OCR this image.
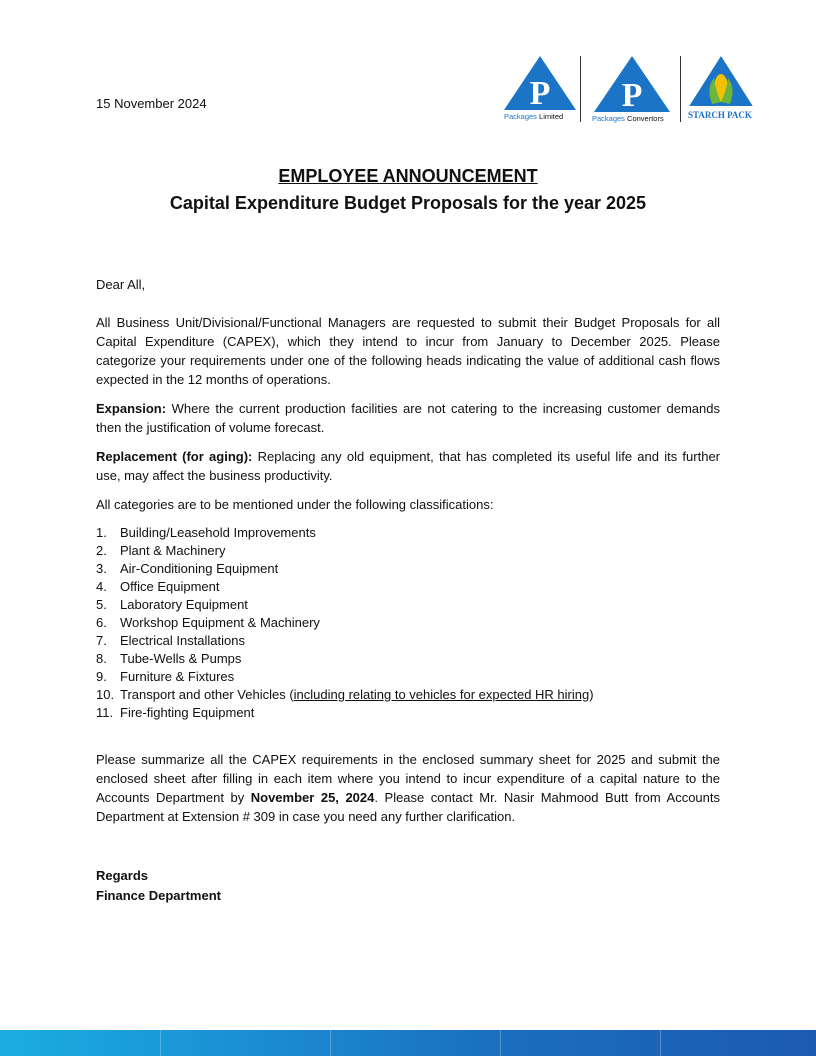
15 November 2024	P
Packages Limited
P
Packages Convertors	STARCH PACK
EMPLOYEE ANNOUNCEMENT
Capital Expenditure Budget Proposals for the year 2025
Dear All,
All Business Unit/Divisional/Functional Managers are requested to submit their Budget Proposals for all Capital Expenditure (CAPEX), which they intend to incur from January to December 2025. Please categorize your requirements under one of the following heads indicating the value of additional cash flows expected in the 12 months of operations.
Expansion: Where the current production facilities are not catering to the increasing customer demands then the justification of volume forecast.
Replacement (for aging): Replacing any old equipment, that has completed its useful life and its further use, may affect the business productivity.
All categories are to be mentioned under the following classifications:
1. Building/Leasehold Improvements
2. Plant & Machinery
3. Air-Conditioning Equipment
4. Office Equipment
5. Laboratory Equipment
6. Workshop Equipment & Machinery
7. Electrical Installations
8. Tube-Wells & Pumps
9. Furniture & Fixtures
10. Transport and other Vehicles (including relating to vehicles for expected HR hiring)
11. Fire-fighting Equipment
Please summarize all the CAPEX requirements in the enclosed summary sheet for 2025 and submit the enclosed sheet after filling in each item where you intend to incur expenditure of a capital nature to the Accounts Department by November 25, 2024. Please contact Mr. Nasir Mahmood Butt from Accounts Department at Extension # 309 in case you need any further clarification.
Regards
Finance Department
